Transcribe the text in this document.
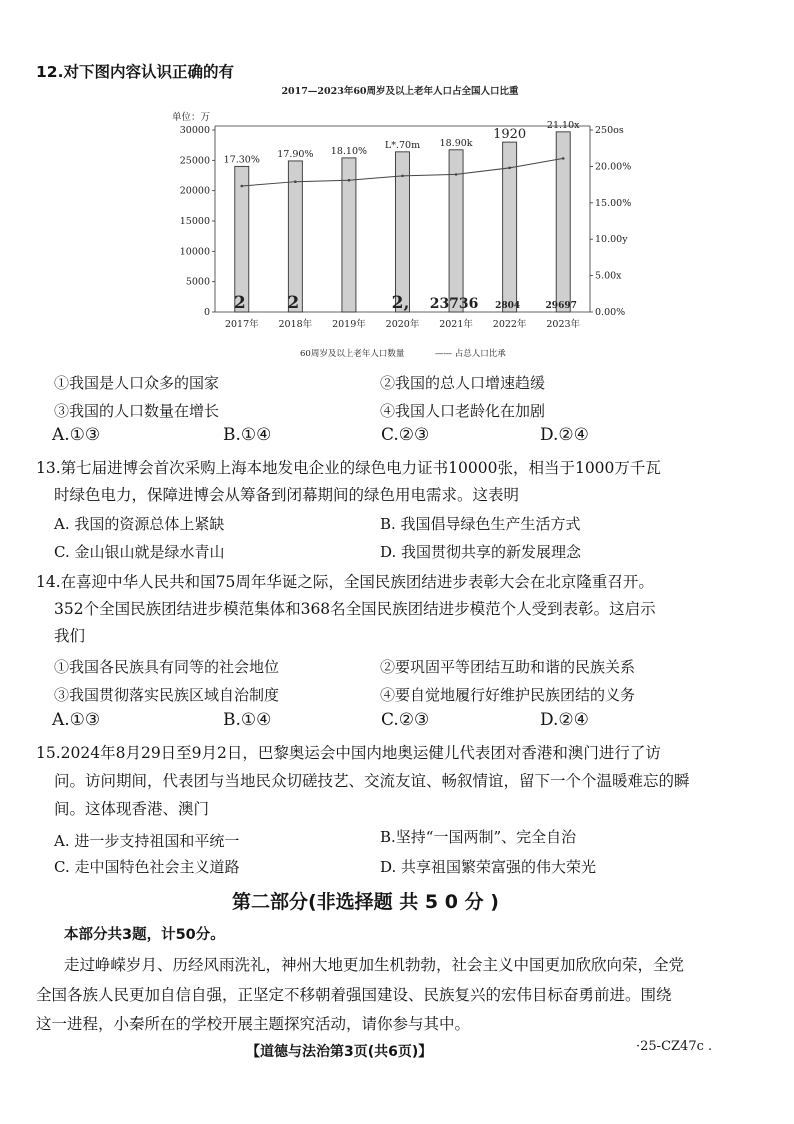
12.对下图内容认识正确的有
2017—2023年60周岁及以上老年人口占全国人口比重
单位：万
0
5000
10000
15000
20000
25000
30000
0.00%
5.00x
10.00y
15.00%
20.00%
250os
2017年
17.30%
2
2018年
17.90%
2
2019年
18.10%
2020年
L*.70m
2,
2021年
18.90k
23736
2022年
1920
2804
2023年
21.10x
29697
60周岁及以上老年人口数量	—— 占总人口比承
①我国是人口众多的国家	②我国的总人口增速趋缓
③我国的人口数量在增长	④我国人口老龄化在加剧
A.①③	B.①④	C.②③	D.②④
13.第七届进博会首次采购上海本地发电企业的绿色电力证书10000张，相当于1000万千瓦
时绿色电力，保障进博会从筹备到闭幕期间的绿色用电需求。这表明
A. 我国的资源总体上紧缺	B. 我国倡导绿色生产生活方式
C. 金山银山就是绿水青山	D. 我国贯彻共享的新发展理念
14.在喜迎中华人民共和国75周年华诞之际，全国民族团结进步表彰大会在北京隆重召开。
352个全国民族团结进步模范集体和368名全国民族团结进步模范个人受到表彰。这启示
我们
①我国各民族具有同等的社会地位	②要巩固平等团结互助和谐的民族关系
③我国贯彻落实民族区域自治制度	④要自觉地履行好维护民族团结的义务
A.①③	B.①④	C.②③	D.②④
15.2024年8月29日至9月2日，巴黎奥运会中国内地奥运健儿代表团对香港和澳门进行了访
问。访问期间，代表团与当地民众切磋技艺、交流友谊、畅叙情谊，留下一个个温暖难忘的瞬
间。这体现香港、澳门
A. 进一步支持祖国和平统一	B.坚持“一国两制”、完全自治
C. 走中国特色社会主义道路	D. 共享祖国繁荣富强的伟大荣光
第二部分(非选择题 共 5 0 分 )
本部分共3题，计50分。
走过峥嵘岁月、历经风雨洗礼，神州大地更加生机勃勃，社会主义中国更加欣欣向荣，全党
全国各族人民更加自信自强，正坚定不移朝着强国建设、民族复兴的宏伟目标奋勇前进。围绕
这一进程，小秦所在的学校开展主题探究活动，请你参与其中。
【道德与法治第3页(共6页)】	·25-CZ47c .
